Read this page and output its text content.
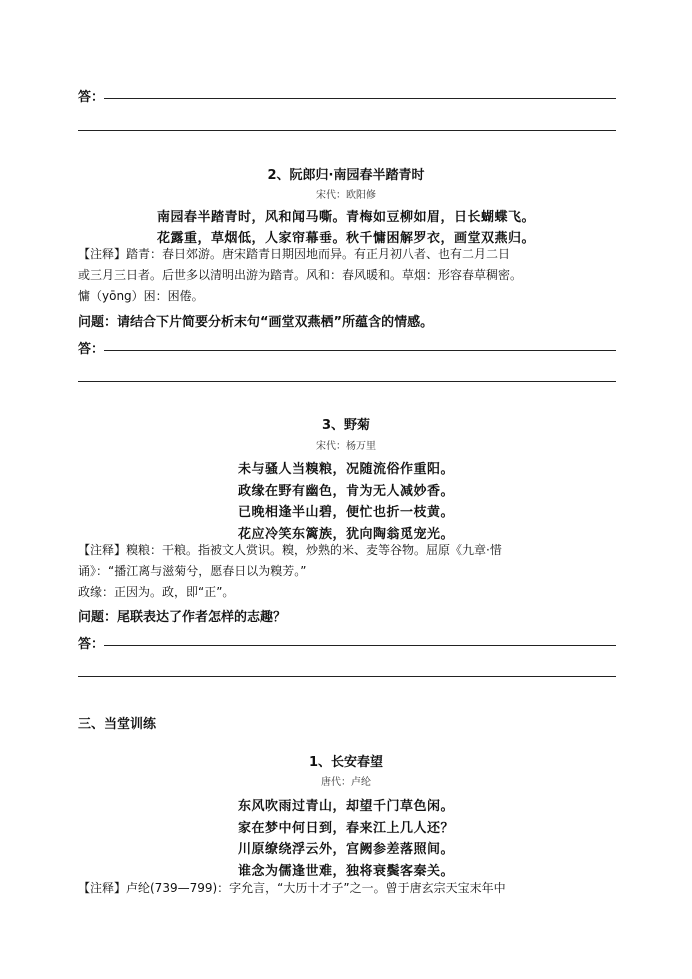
答：
2、阮郎归·南园春半踏青时
宋代：欧阳修
南园春半踏青时，风和闻马嘶。青梅如豆柳如眉，日长蝴蝶飞。
花露重，草烟低，人家帘幕垂。秋千慵困解罗衣，画堂双燕归。
【注释】踏青：春日郊游。唐宋踏青日期因地而异。有正月初八者、也有二月二日
或三月三日者。后世多以清明出游为踏青。风和：春风暖和。草烟：形容春草稠密。
慵（yōng）困：困倦。
问题：请结合下片简要分析末句“画堂双燕栖”所蕴含的情感。
答：
3、野菊
宋代：杨万里
未与骚人当糗粮，况随流俗作重阳。
政缘在野有幽色，肯为无人减妙香。
已晚相逢半山碧，便忙也折一枝黄。
花应冷笑东篱族，犹向陶翁觅宠光。
【注释】糗粮：干粮。指被文人赏识。糗，炒熟的米、麦等谷物。屈原《九章·惜
诵》：“播江离与滋菊兮，愿春日以为糗芳。”
政缘：正因为。政，即“正”。
问题：尾联表达了作者怎样的志趣？
答：
三、当堂训练
1、长安春望
唐代：卢纶
东风吹雨过青山，却望千门草色闲。
家在梦中何日到，春来江上几人还？
川原缭绕浮云外，宫阙参差落照间。
谁念为儒逢世难，独将衰鬓客秦关。
【注释】卢纶(739—799)：字允言，“大历十才子”之一。曾于唐玄宗天宝末年中
